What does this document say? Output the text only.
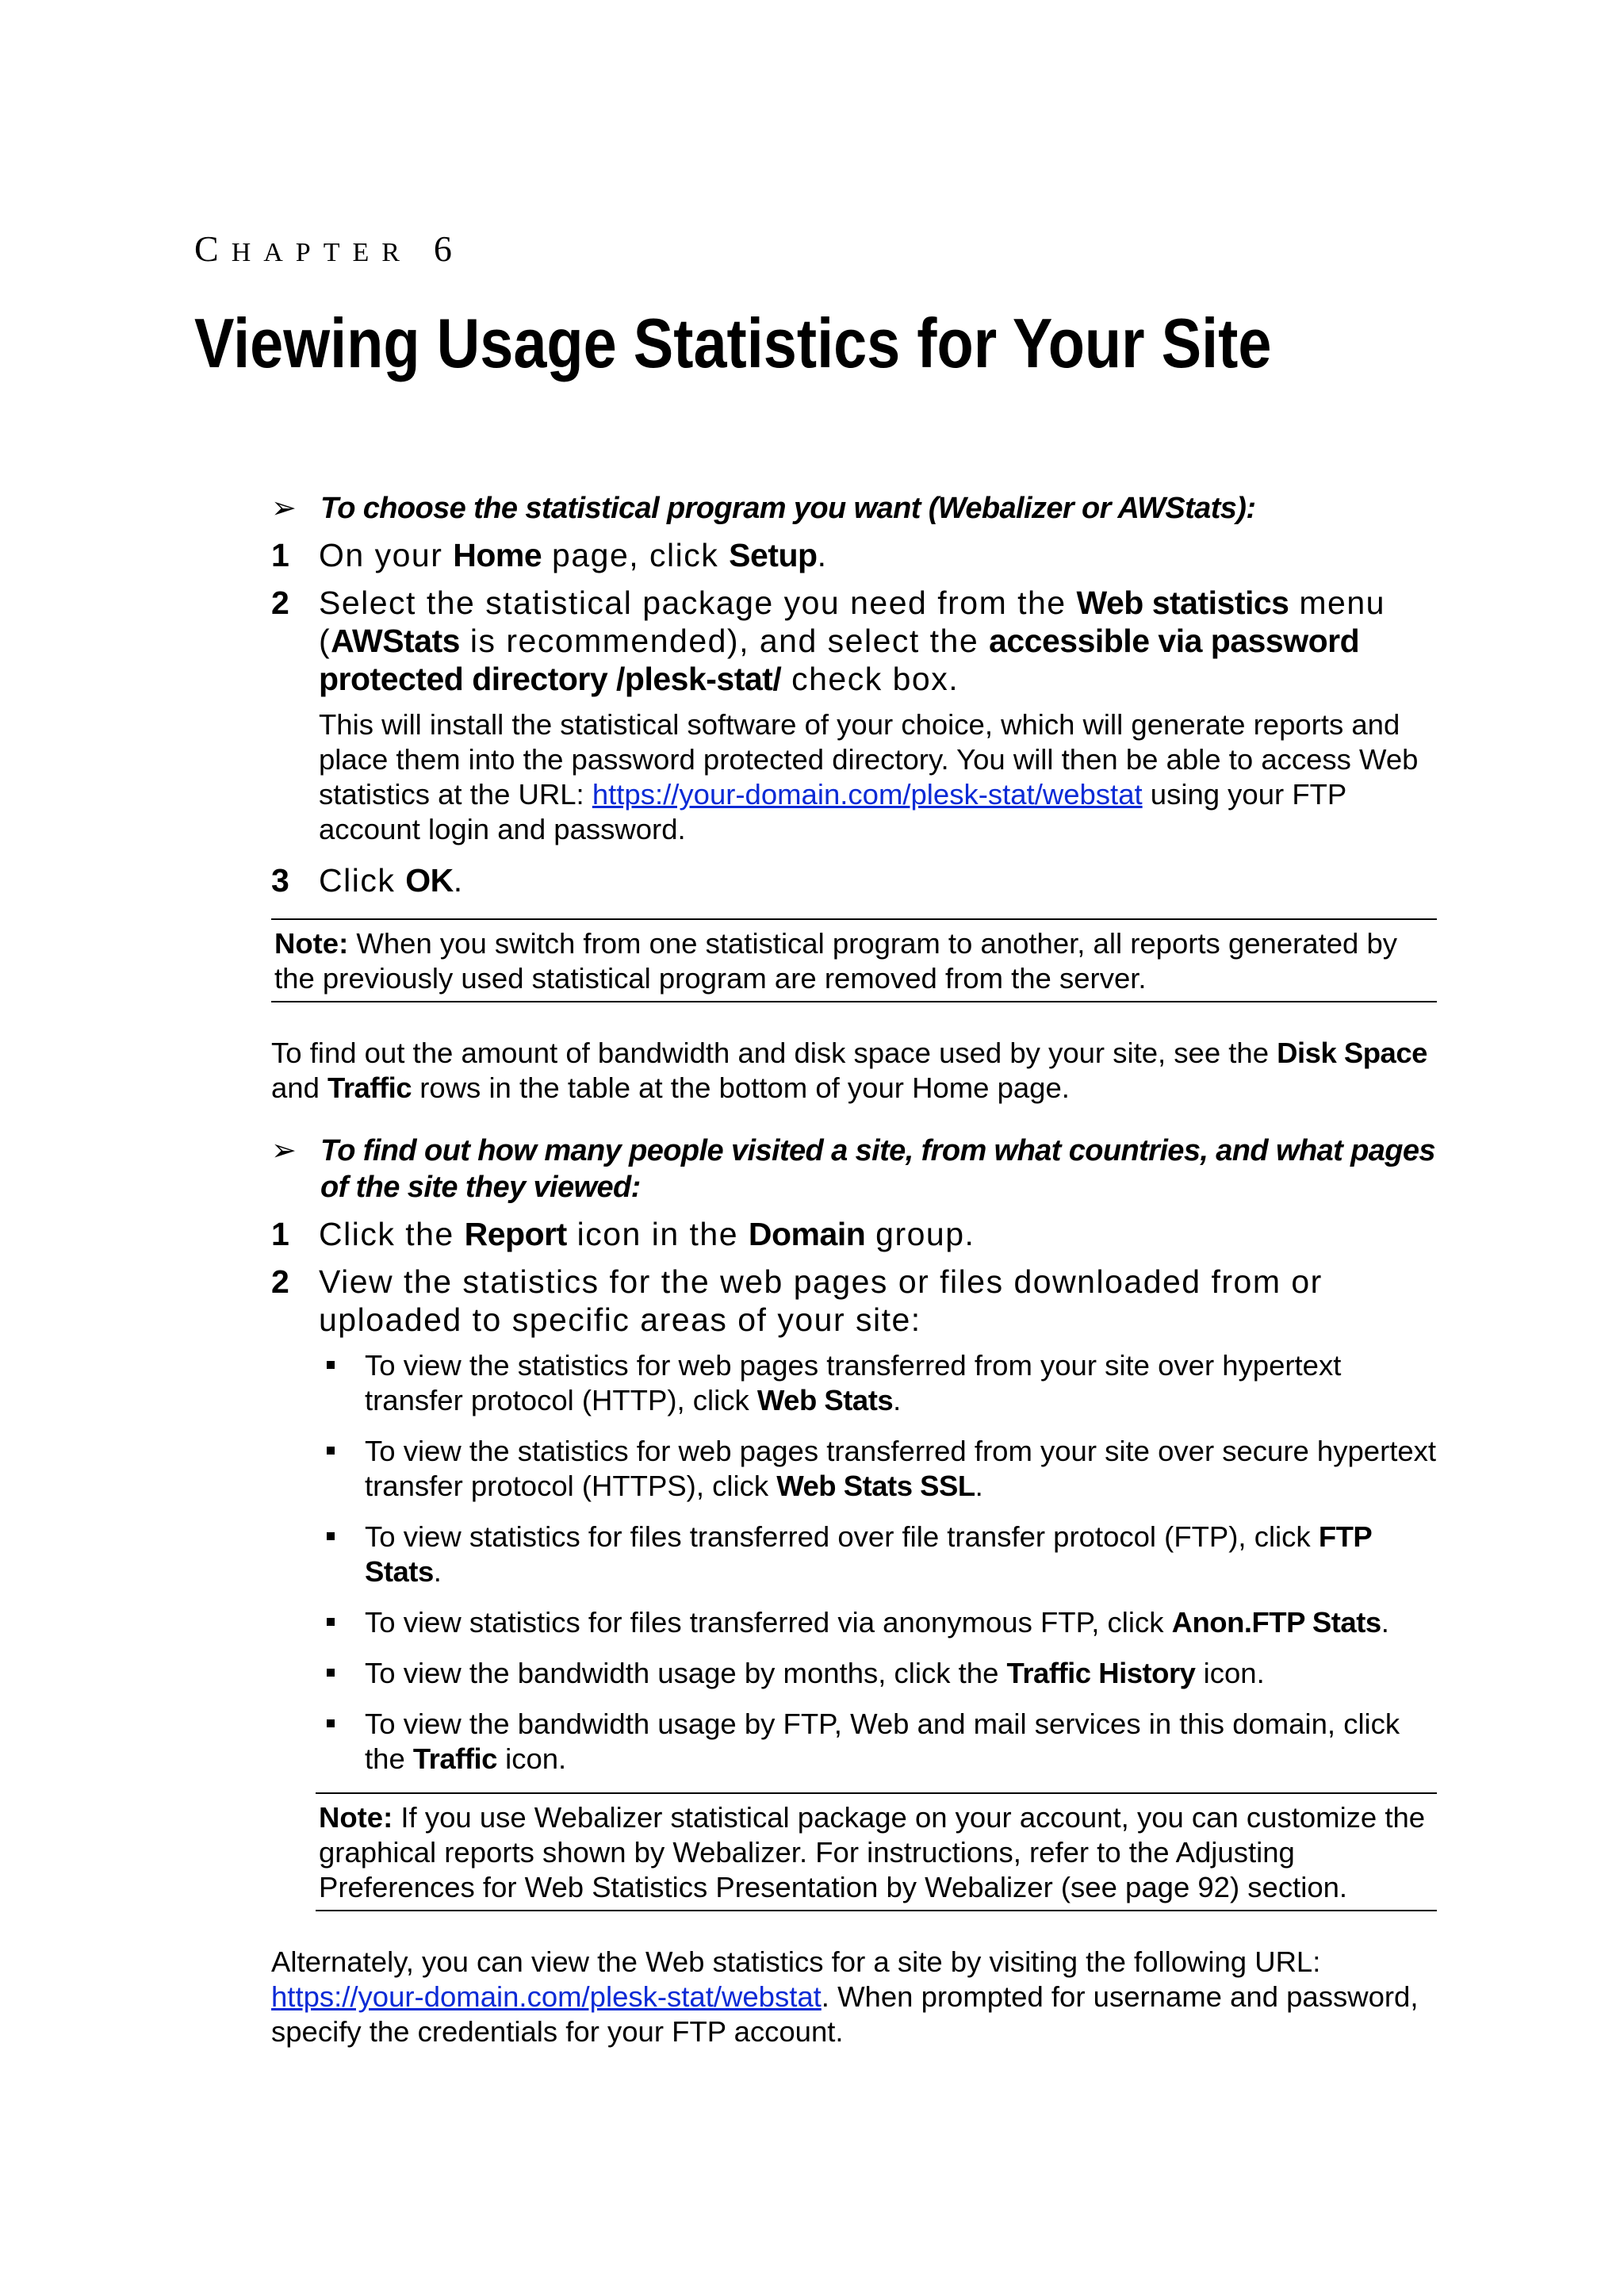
CHAPTER 6
Viewing Usage Statistics for Your Site
➢ To choose the statistical program you want (Webalizer or AWStats):
1 On your Home page, click Setup.
2 Select the statistical package you need from the Web statistics menu (AWStats is recommended), and select the accessible via password protected directory /plesk-stat/ check box.
This will install the statistical software of your choice, which will generate reports and place them into the password protected directory. You will then be able to access Web statistics at the URL: https://your-domain.com/plesk-stat/webstat using your FTP account login and password.
3 Click OK.
Note: When you switch from one statistical program to another, all reports generated by the previously used statistical program are removed from the server.
To find out the amount of bandwidth and disk space used by your site, see the Disk Space and Traffic rows in the table at the bottom of your Home page.
➢ To find out how many people visited a site, from what countries, and what pages of the site they viewed:
1 Click the Report icon in the Domain group.
2 View the statistics for the web pages or files downloaded from or uploaded to specific areas of your site:
To view the statistics for web pages transferred from your site over hypertext transfer protocol (HTTP), click Web Stats.
To view the statistics for web pages transferred from your site over secure hypertext transfer protocol (HTTPS), click Web Stats SSL.
To view statistics for files transferred over file transfer protocol (FTP), click FTP Stats.
To view statistics for files transferred via anonymous FTP, click Anon.FTP Stats.
To view the bandwidth usage by months, click the Traffic History icon.
To view the bandwidth usage by FTP, Web and mail services in this domain, click the Traffic icon.
Note: If you use Webalizer statistical package on your account, you can customize the graphical reports shown by Webalizer. For instructions, refer to the Adjusting Preferences for Web Statistics Presentation by Webalizer (see page 92) section.
Alternately, you can view the Web statistics for a site by visiting the following URL: https://your-domain.com/plesk-stat/webstat. When prompted for username and password, specify the credentials for your FTP account.
